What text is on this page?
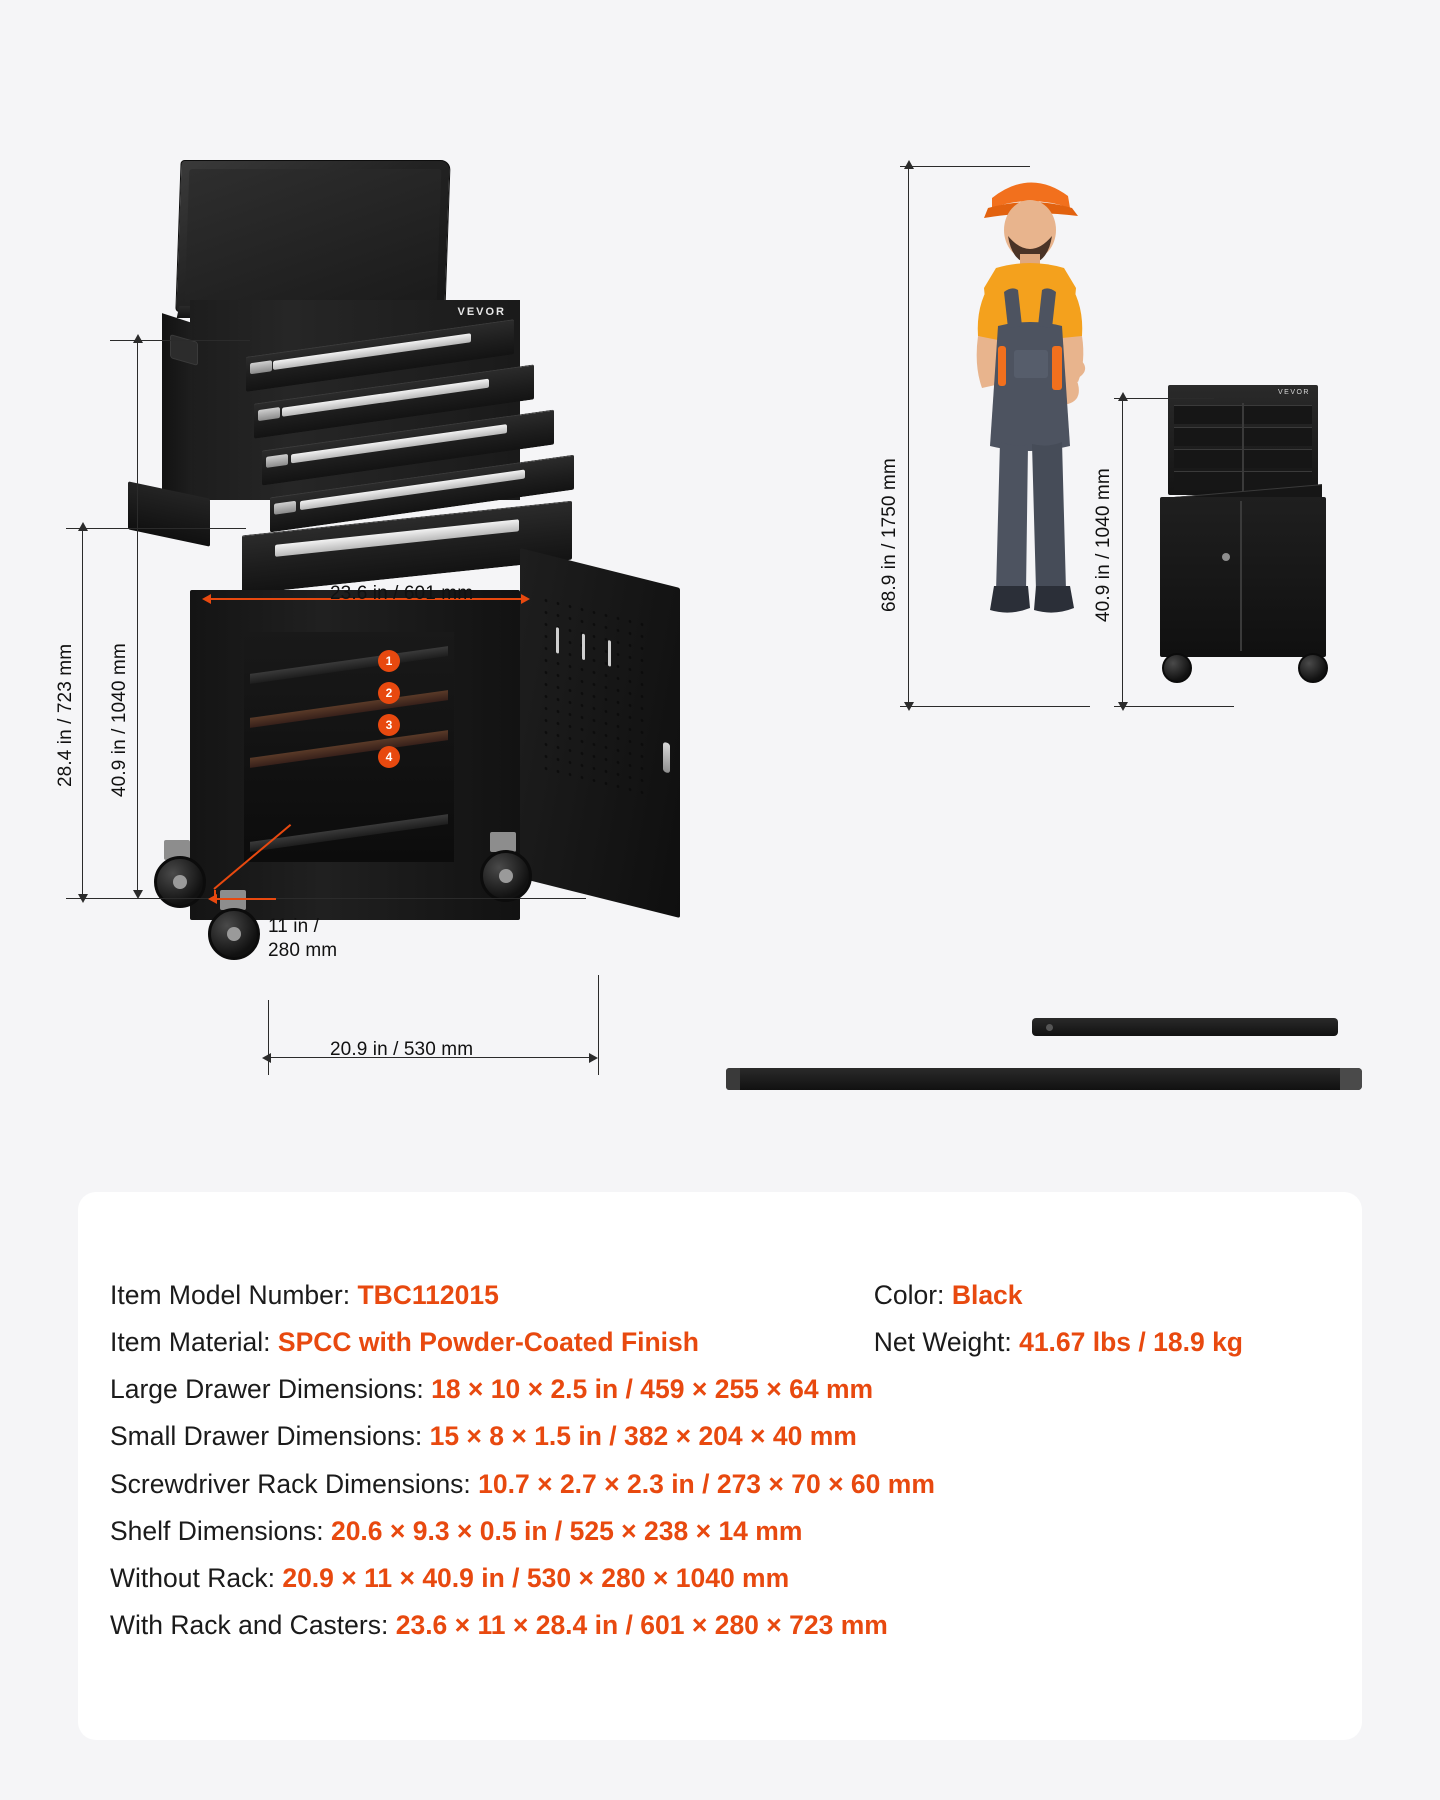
VEVOR
1
2
3
4
28.4 in / 723 mm 40.9 in / 1040 mm
23.6 in / 601 mm
11 in /
280 mm
20.9 in / 530 mm
68.9 in / 1750 mm
VEVOR
40.9 in / 1040 mm
Item Model Number: TBC112015	Color: Black
Item Material: SPCC with Powder-Coated Finish	Net Weight: 41.67 lbs / 18.9 kg
Large Drawer Dimensions: 18 × 10 × 2.5 in / 459 × 255 × 64 mm
Small Drawer Dimensions: 15 × 8 × 1.5 in / 382 × 204 × 40 mm
Screwdriver Rack Dimensions: 10.7 × 2.7 × 2.3 in / 273 × 70 × 60 mm
Shelf Dimensions: 20.6 × 9.3 × 0.5 in / 525 × 238 × 14 mm
Without Rack: 20.9 × 11 × 40.9 in / 530 × 280 × 1040 mm
With Rack and Casters: 23.6 × 11 × 28.4 in / 601 × 280 × 723 mm
